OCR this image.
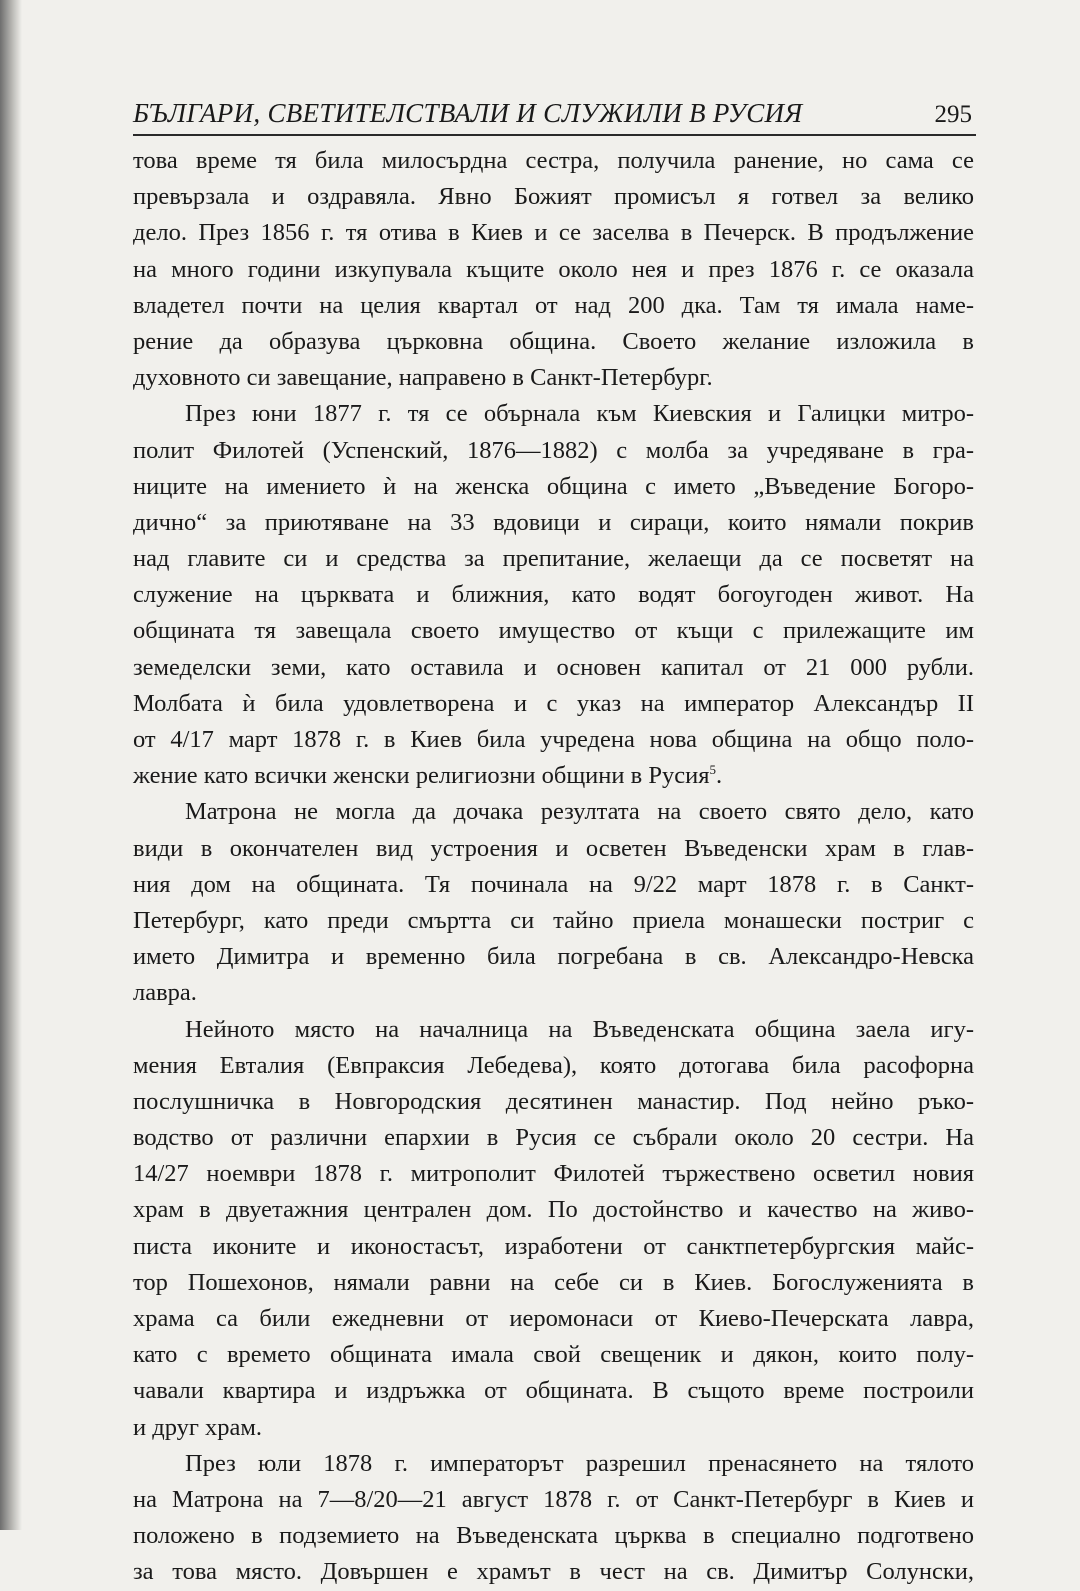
БЪЛГАРИ, СВЕТИТЕЛСТВАЛИ И СЛУЖИЛИ В РУСИЯ	295
това време тя била милосърдна сестра, получила ранение, но сама се
превързала и оздравяла. Явно Божият промисъл я готвел за велико
дело. През 1856 г. тя отива в Киев и се заселва в Печерск. В продължение
на много години изкупувала къщите около нея и през 1876 г. се оказала
владетел почти на целия квартал от над 200 дка. Там тя имала наме-
рение да образува църковна община. Своето желание изложила в
духовното си завещание, направено в Санкт-Петербург.
През юни 1877 г. тя се обърнала към Киевския и Галицки митро-
полит Филотей (Успенский, 1876—1882) с молба за учредяване в гра-
ниците на имението ѝ на женска община с името „Въведение Богоро-
дично“ за приютяване на 33 вдовици и сираци, които нямали покрив
над главите си и средства за препитание, желаещи да се посветят на
служение на църквата и ближния, като водят богоугоден живот. На
общината тя завещала своето имущество от къщи с прилежащите им
земеделски земи, като оставила и основен капитал от 21 000 рубли.
Молбата ѝ била удовлетворена и с указ на император Александър II
от 4/17 март 1878 г. в Киев била учредена нова община на общо поло-
жение като всички женски религиозни общини в Русия$^5$.
Матрона не могла да дочака резултата на своето свято дело, като
види в окончателен вид устроения и осветен Въведенски храм в глав-
ния дом на общината. Тя починала на 9/22 март 1878 г. в Санкт-
Петербург, като преди смъртта си тайно приела монашески постриг с
името Димитра и временно била погребана в св. Александро-Невска
лавра.
Нейното място на началница на Въведенската община заела игу-
мения Евталия (Евпраксия Лебедева), която дотогава била расофорна
послушничка в Новгородския десятинен манастир. Под нейно ръко-
водство от различни епархии в Русия се събрали около 20 сестри. На
14/27 ноември 1878 г. митрополит Филотей тържествено осветил новия
храм в двуетажния централен дом. По достойнство и качество на живо-
писта иконите и иконостасът, изработени от санктпетербургския майс-
тор Пошехонов, нямали равни на себе си в Киев. Богослуженията в
храма са били ежедневни от иеромонаси от Киево-Печерската лавра,
като с времето общината имала свой свещеник и дякон, които полу-
чавали квартира и издръжка от общината. В същото време построили
и друг храм.
През юли 1878 г. императорът разрешил пренасянето на тялото
на Матрона на 7—8/20—21 август 1878 г. от Санкт-Петербург в Киев и
положено в подземието на Въведенската църква в специално подготвено
за това място. Довършен е храмът в чест на св. Димитър Солунски,
